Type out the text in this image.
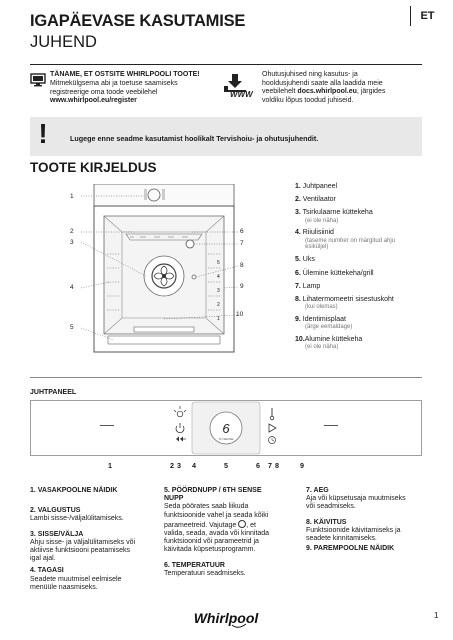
IGAPÄEVASE KASUTAMISE
JUHEND
ET
TÄNAME, ET OSTSITE WHIRLPOOLI TOOTE!
Mitmekülgsema abi ja toetuse saamiseks
registreerige oma toode veebilehel
www.whirlpool.eu/register
WWW
Ohutusjuhised ning kasutus- ja
hooldusjuhendi saate alla laadida meie
veebilehelt docs.whirlpool.eu, järgides
voldiku lõpus toodud juhiseid.
!	Lugege enne seadme kasutamist hoolikalt Tervishoiu- ja ohutusjuhendit.
TOOTE KIRJELDUS
1
2
3
4
5
6
7
8
9
10
5
4
3
2
1
1. Juhtpaneel
2. Ventilaator
3. Tsirkulaarne küttekeha
(ei ole näha)
4. Riiulisiinid
(taseme number on märgitud ahju
esiküljel)
5. Uks
6. Ülemine küttekeha/grill
7. Lamp
8. Lihatermomeetri sisestuskoht
(kui olemas)
9. Identimisplaat
(ärge eemaldage)
10.Alumine küttekeha
(ei ole näha)
JUHTPANEEL
6
TH SENSE
1	2 3 4	5	6 7 8	9
1. VASAKPOOLNE NÄIDIK
2. VALGUSTUS
Lambi sisse-/väljalülitamiseks.
3. SISSE/VÄLJA
Ahju sisse- ja väljalülitamiseks või
aktiivse funktsiooni peatamiseks
igal ajal.
4. TAGASI
Seadete muutmisel eelmisele
menüüle naasmiseks.
5. PÖÖRDNUPP / 6TH SENSE
NUPP
Seda pöörates saab liikuda
funktsioonide vahel ja seada kõiki
parameetreid. Vajutage , et
valida, seada, avada või kinnitada
funktsioonid või parameetrid ja
käivitada küpsetusprogramm.
6. TEMPERATUUR
Temperatuuri seadmiseks.
7. AEG
Aja või küpsetusaja muutmiseks
või seadmiseks.
8. KÄIVITUS
Funktsioonide käivitamiseks ja
seadete kinnitamiseks.
9. PAREMPOOLNE NÄIDIK
Whirlpool	1
